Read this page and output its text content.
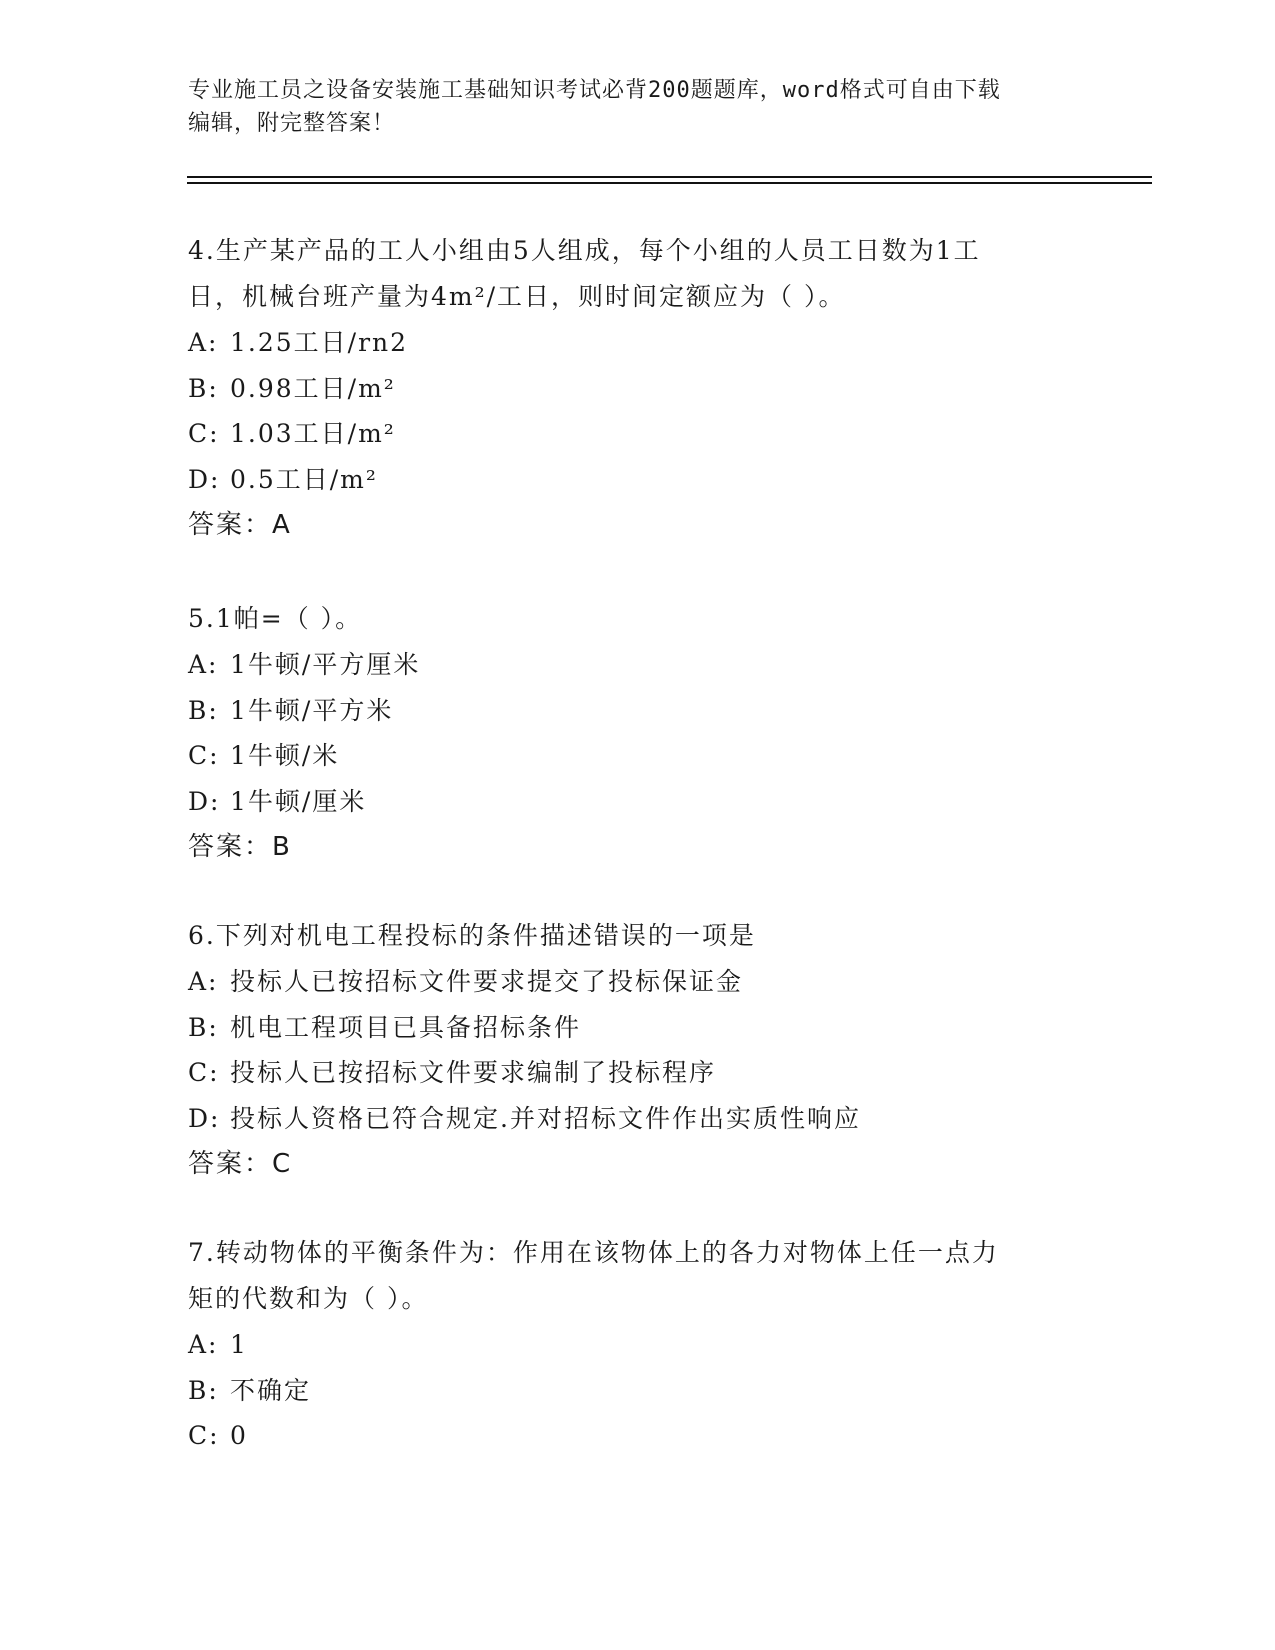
专业施工员之设备安装施工基础知识考试必背200题题库，word格式可自由下载
编辑，附完整答案！
4.生产某产品的工人小组由5人组成，每个小组的人员工日数为1工
日，机械台班产量为4m²/工日，则时间定额应为（ ）。
A: 1.25工日/rn2
B: 0.98工日/m²
C: 1.03工日/m²
D: 0.5工日/m²
答案：A
5.1帕=（ ）。
A: 1牛顿/平方厘米
B: 1牛顿/平方米
C: 1牛顿/米
D: 1牛顿/厘米
答案：B
6.下列对机电工程投标的条件描述错误的一项是
A: 投标人已按招标文件要求提交了投标保证金
B: 机电工程项目已具备招标条件
C: 投标人已按招标文件要求编制了投标程序
D: 投标人资格已符合规定.并对招标文件作出实质性响应
答案：C
7.转动物体的平衡条件为：作用在该物体上的各力对物体上任一点力
矩的代数和为（ ）。
A: 1
B: 不确定
C: 0
